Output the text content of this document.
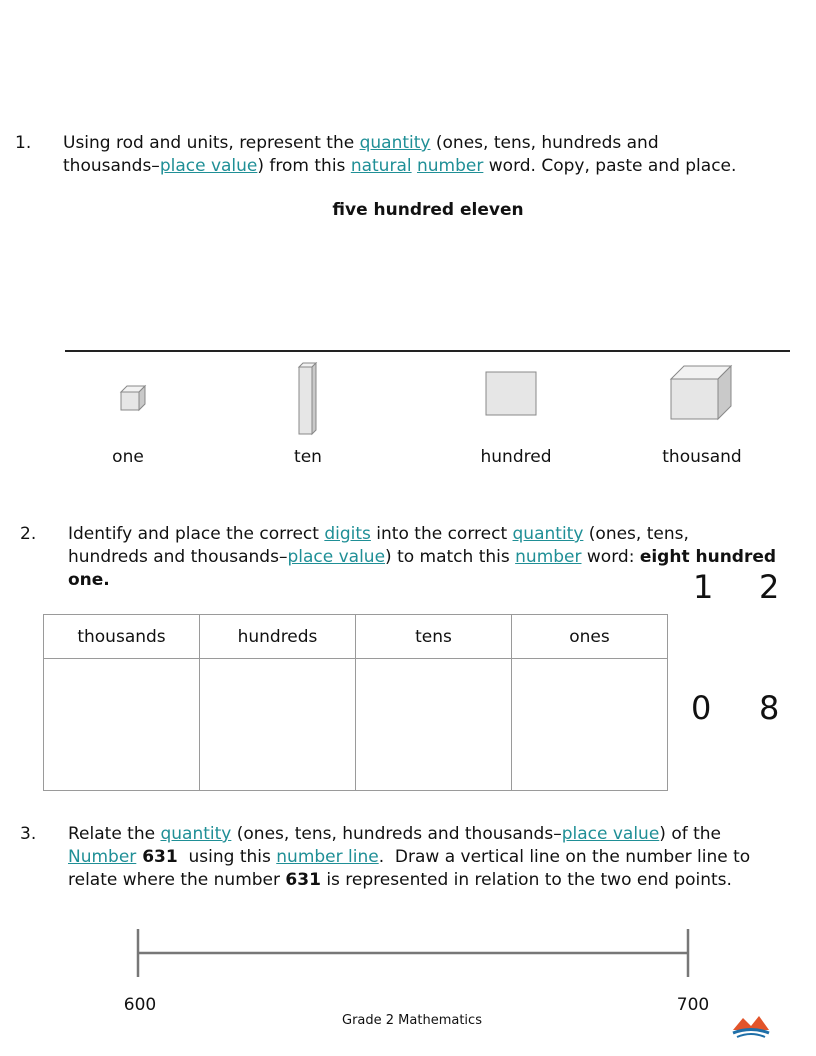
1. Using rod and units, represent the quantity (ones, tens, hundreds and
thousands–place value) from this natural number word. Copy, paste and place.
five hundred eleven
one	ten	hundred	thousand
2. Identify and place the correct digits into the correct quantity (ones, tens,
hundreds and thousands–place value) to match this number word: eight hundred
one.
thousands	hundreds	tens	ones

1 2
0 8
3. Relate the quantity (ones, tens, hundreds and thousands–place value) of the
Number 631  using this number line.  Draw a vertical line on the number line to
relate where the number 631 is represented in relation to the two end points.
600	700
Grade 2 Mathematics
